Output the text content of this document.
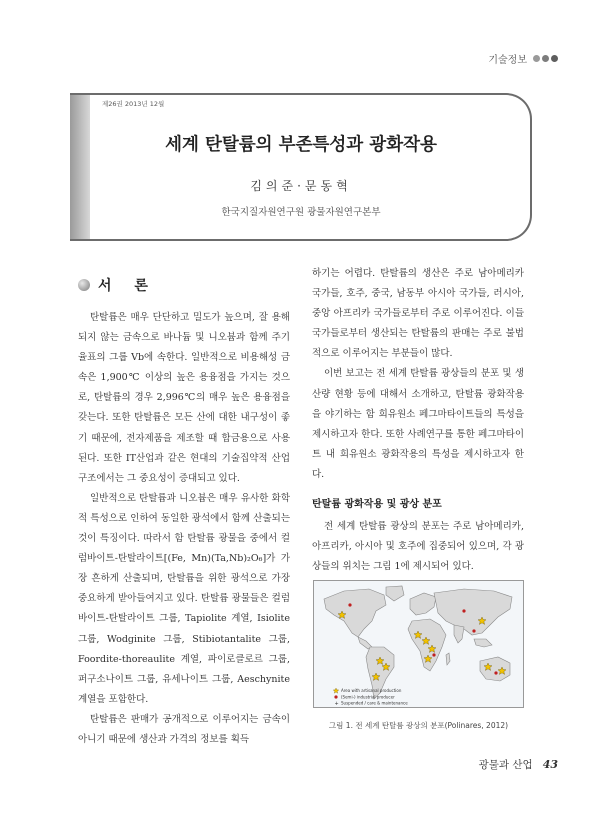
기술정보
제26권 2013년 12월
세계 탄탈륨의 부존특성과 광화작용
김의준·문동혁
한국지질자원연구원 광물자원연구본부
서 론

탄탈륨은 매우 단단하고 밀도가 높으며, 잘 용해되지 않는 금속으로 바나듐 및 니오븀과 함께 주기율표의 그룹 Vb에 속한다. 일반적으로 비용해성 금속은 1,900℃ 이상의 높은 용융점을 가지는 것으로, 탄탈륨의 경우 2,996℃의 매우 높은 용융점을 갖는다. 또한 탄탈륨은 모든 산에 대한 내구성이 좋기 때문에, 전자제품을 제조할 때 합금용으로 사용된다. 또한 IT산업과 같은 현대의 기술집약적 산업구조에서는 그 중요성이 증대되고 있다.

일반적으로 탄탈륨과 니오븀은 매우 유사한 화학적 특성으로 인하여 동일한 광석에서 함께 산출되는 것이 특징이다. 따라서 함 탄탈륨 광물을 중에서 컬럼바이트-탄탈라이트[(Fe, Mn)(Ta,Nb)₂O₆]가 가장 흔하게 산출되며, 탄탈륨을 위한 광석으로 가장 중요하게 받아들여지고 있다. 탄탈륨 광물들은 컬럼바이트-탄탈라이트 그룹, Tapiolite 계열, Isiolite 그룹, Wodginite 그룹, Stibiotantalite 그룹, Foordite-thoreaulite 계열, 파이로클로르 그룹, 퍼구소나이트 그룹, 유세나이트 그룹, Aeschynite 계열을 포함한다.

탄탈륨은 판매가 공개적으로 이루어지는 금속이 아니기 때문에 생산과 가격의 정보를 획득

하기는 어렵다. 탄탈륨의 생산은 주로 남아메리카 국가들, 호주, 중국, 남동부 아시아 국가들, 러시아, 중앙 아프리카 국가들로부터 주로 이루어진다. 이들 국가들로부터 생산되는 탄탈륨의 판매는 주로 불법적으로 이루어지는 부분들이 많다.

이번 보고는 전 세계 탄탈륨 광상들의 분포 및 생산량 현황 등에 대해서 소개하고, 탄탈륨 광화작용을 야기하는 함 희유원소 페그마타이트들의 특성을 제시하고자 한다. 또한 사례연구를 통한 페그마타이트 내 희유원소 광화작용의 특성을 제시하고자 한다.

탄탈륨 광화작용 및 광상 분포

전 세계 탄탈륨 광상의 분포는 주로 남아메리카, 아프리카, 아시아 및 호주에 집중되어 있으며, 각 광상들의 위치는 그림 1에 제시되어 있다.

Area with artisanal production
(Semi-) industrial producer
+ Suspended / care & maintenance
그림 1. 전 세계 탄탈륨 광상의 분포(Polinares, 2012)
광물과 산업 43
